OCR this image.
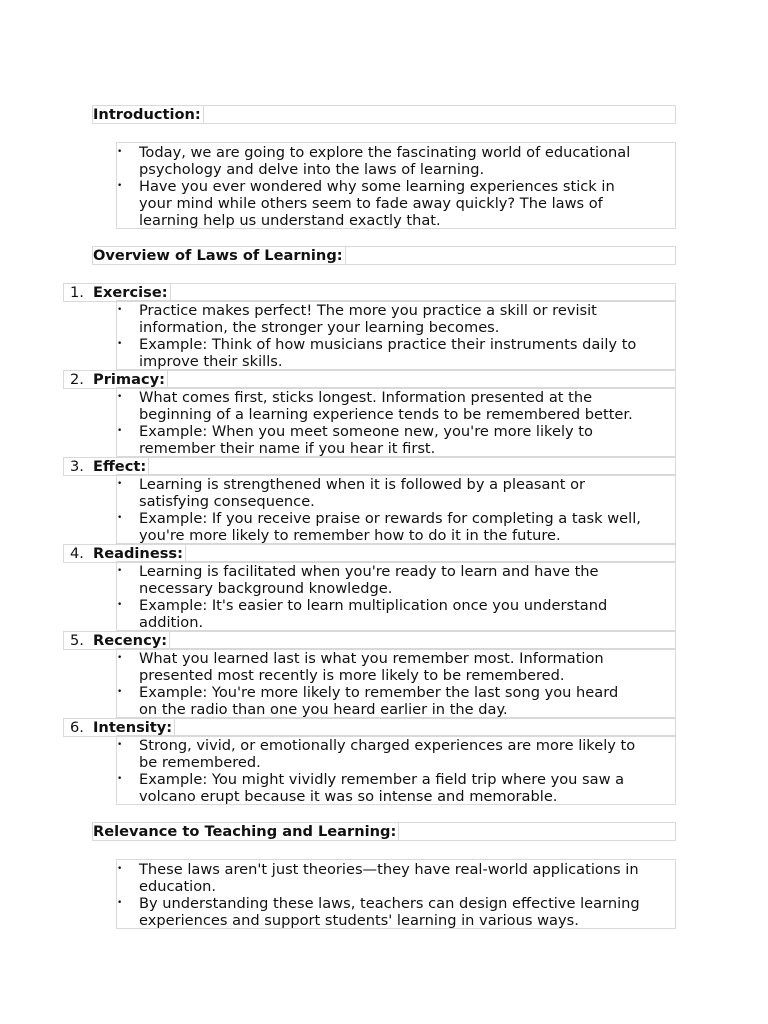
Introduction:
• Today, we are going to explore the fascinating world of educational
psychology and delve into the laws of learning.
• Have you ever wondered why some learning experiences stick in
your mind while others seem to fade away quickly? The laws of
learning help us understand exactly that.
Overview of Laws of Learning:
1. Exercise:
• Practice makes perfect! The more you practice a skill or revisit
information, the stronger your learning becomes.
• Example: Think of how musicians practice their instruments daily to
improve their skills.
2. Primacy:
• What comes first, sticks longest. Information presented at the
beginning of a learning experience tends to be remembered better.
• Example: When you meet someone new, you're more likely to
remember their name if you hear it first.
3. Effect:
• Learning is strengthened when it is followed by a pleasant or
satisfying consequence.
• Example: If you receive praise or rewards for completing a task well,
you're more likely to remember how to do it in the future.
4. Readiness:
• Learning is facilitated when you're ready to learn and have the
necessary background knowledge.
• Example: It's easier to learn multiplication once you understand
addition.
5. Recency:
• What you learned last is what you remember most. Information
presented most recently is more likely to be remembered.
• Example: You're more likely to remember the last song you heard
on the radio than one you heard earlier in the day.
6. Intensity:
• Strong, vivid, or emotionally charged experiences are more likely to
be remembered.
• Example: You might vividly remember a field trip where you saw a
volcano erupt because it was so intense and memorable.
Relevance to Teaching and Learning:
• These laws aren't just theories—they have real-world applications in
education.
• By understanding these laws, teachers can design effective learning
experiences and support students' learning in various ways.
